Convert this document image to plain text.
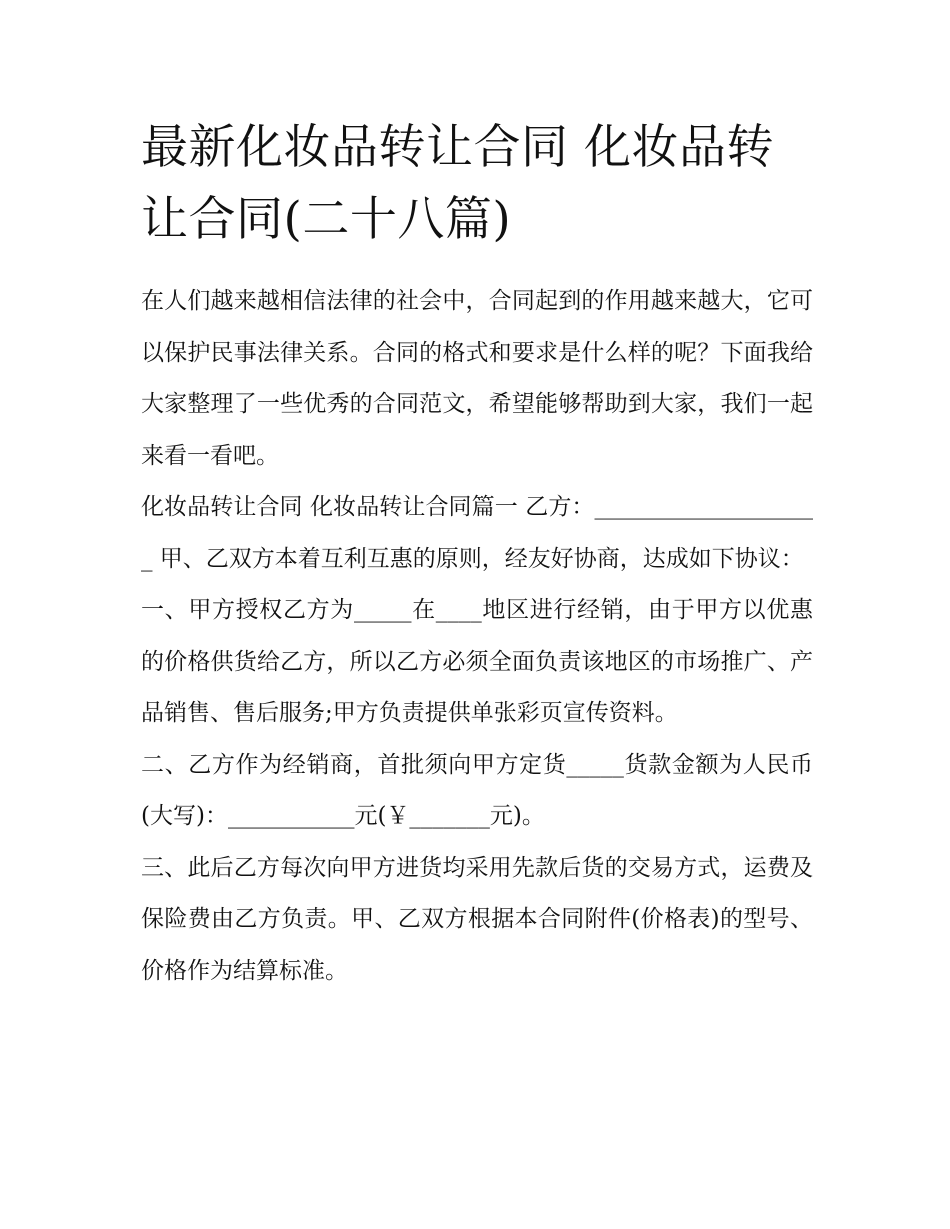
最新化妆品转让合同 化妆品转让合同(二十八篇)

在人们越来越相信法律的社会中，合同起到的作用越来越大，它可以保护民事法律关系。合同的格式和要求是什么样的呢？下面我给大家整理了一些优秀的合同范文，希望能够帮助到大家，我们一起来看一看吧。

化妆品转让合同 化妆品转让合同篇一 乙方：____________________ 甲、乙双方本着互利互惠的原则，经友好协商，达成如下协议：

一、甲方授权乙方为_____在____地区进行经销，由于甲方以优惠的价格供货给乙方，所以乙方必须全面负责该地区的市场推广、产品销售、售后服务;甲方负责提供单张彩页宣传资料。

二、乙方作为经销商，首批须向甲方定货_____货款金额为人民币(大写)：___________元(￥_______元)。

三、此后乙方每次向甲方进货均采用先款后货的交易方式，运费及保险费由乙方负责。甲、乙双方根据本合同附件(价格表)的型号、价格作为结算标准。
